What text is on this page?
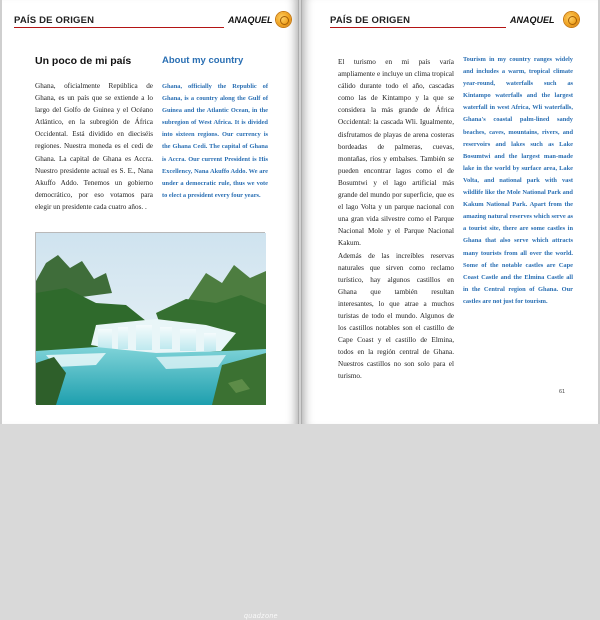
PAÍS DE ORIGEN	ANAQUEL
Un poco de mi país	About my country

Ghana, oficialmente República de Ghana, es un país que se extiende a lo largo del Golfo de Guinea y el Océano Atlántico, en la subregión de África Occidental. Está dividido en dieciséis regiones. Nuestra moneda es el cedi de Ghana. La capital de Ghana es Accra. Nuestro presidente actual es S. E., Nana Akuffo Addo. Tenemos un gobierno democrático, por eso votamos para elegir un presidente cada cuatro años. .

Ghana, officially the Republic of Ghana, is a country along the Gulf of Guinea and the Atlantic Ocean, in the subregion of West Africa. It is divided into sixteen regions. Our currency is the Ghana Cedi. The capital of Ghana is Accra. Our current President is His Excellency, Nana Akuffo Addo. We are under a democratic rule, thus we vote to elect a president every four years.

quadzone
PAÍS DE ORIGEN	ANAQUEL

El turismo en mi país varía ampliamente e incluye un clima tropical cálido durante todo el año, cascadas como las de Kintampo y la que se considera la más grande de África Occidental: la cascada Wli. Igualmente, disfrutamos de playas de arena costeras bordeadas de palmeras, cuevas, montañas, ríos y embalses. También se pueden encontrar lagos como el de Bosumtwi y el lago artificial más grande del mundo por superficie, que es el lago Volta y un parque nacional con una gran vida silvestre como el Parque Nacional Mole y el Parque Nacional Kakum.
Además de las increíbles reservas naturales que sirven como reclamo turístico, hay algunos castillos en Ghana que también resultan interesantes, lo que atrae a muchos turistas de todo el mundo. Algunos de los castillos notables son el castillo de Cape Coast y el castillo de Elmina, todos en la región central de Ghana. Nuestros castillos no son solo para el turismo.

Tourism in my country ranges widely and includes a warm, tropical climate year-round, waterfalls such as Kintampo waterfalls and the largest waterfall in west Africa, Wli waterfalls, Ghana's coastal palm-lined sandy beaches, caves, mountains, rivers, and reservoirs and lakes such as Lake Bosumtwi and the largest man-made lake in the world by surface area, Lake Volta, and national park with vast wildlife like the Mole National Park and Kakum National Park. Apart from the amazing natural reserves which serve as a tourist site, there are some castles in Ghana that also serve which attracts many tourists from all over the world. Some of the notable castles are Cape Coast Castle and the Elmina Castle all in the Central region of Ghana. Our castles are not just for tourism.

61
